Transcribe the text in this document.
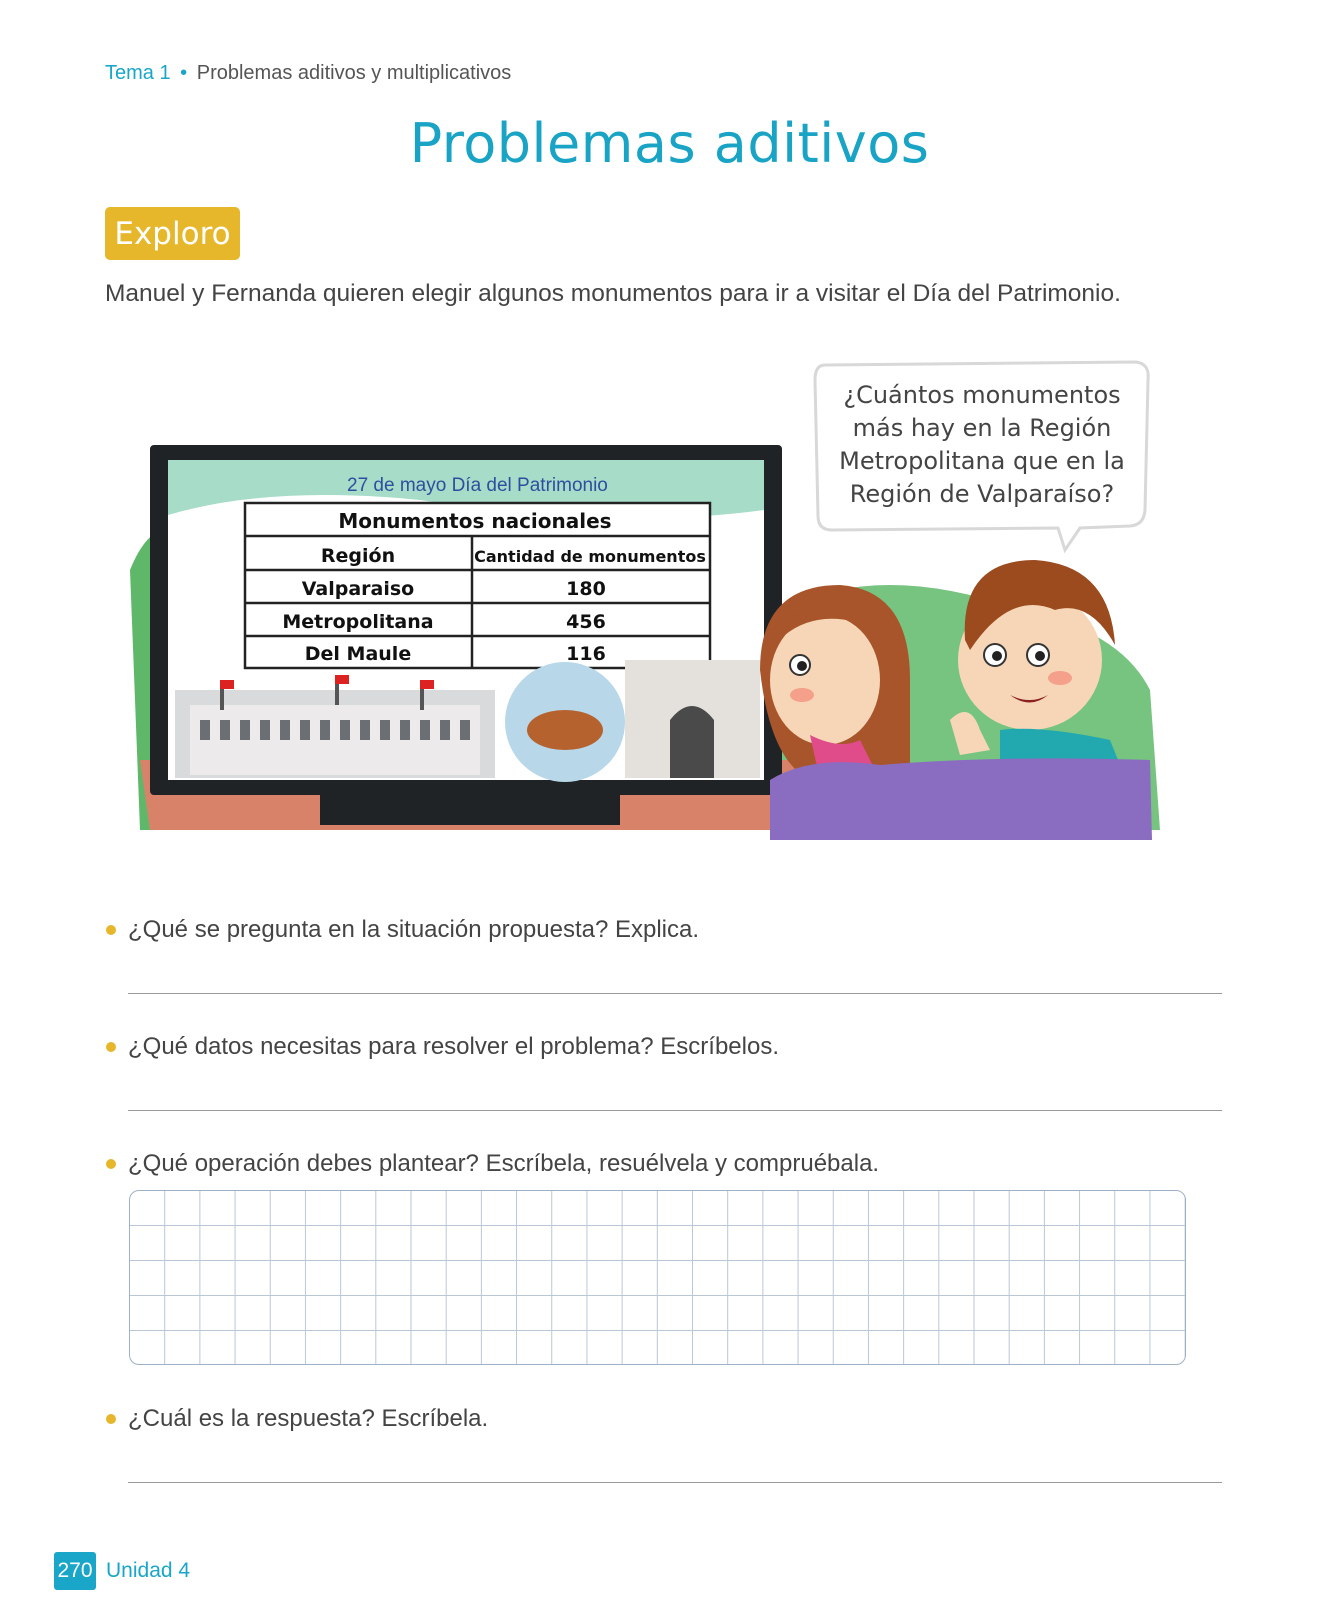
Tema 1 • Problemas aditivos y multiplicativos
Problemas aditivos
Exploro
Manuel y Fernanda quieren elegir algunos monumentos para ir a visitar el Día del Patrimonio.
27 de mayo Día del Patrimonio
Monumentos nacionales
Región	Cantidad de monumentos
Valparaiso	180
Metropolitana	456
Del Maule	116
¿Cuántos monumentos
más hay en la Región
Metropolitana que en la
Región de Valparaíso?
¿Qué se pregunta en la situación propuesta? Explica.
¿Qué datos necesitas para resolver el problema? Escríbelos.
¿Qué operación debes plantear? Escríbela, resuélvela y compruébala.
¿Cuál es la respuesta? Escríbela.
270 Unidad 4
